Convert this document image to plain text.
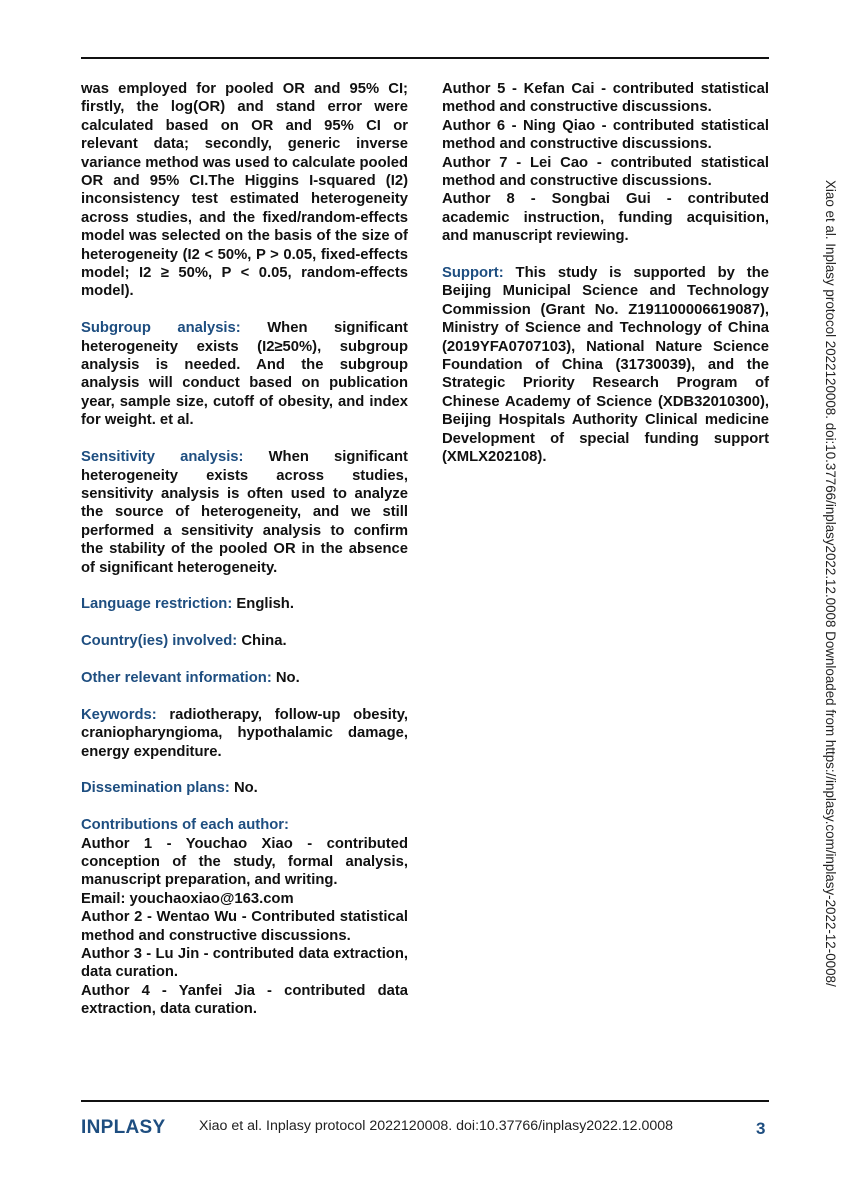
was employed for pooled OR and 95% CI; firstly, the log(OR) and stand error were calculated based on OR and 95% CI or relevant data; secondly, generic inverse variance method was used to calculate pooled OR and 95% CI.The Higgins I-squared (I2) inconsistency test estimated heterogeneity across studies, and the fixed/random-effects model was selected on the basis of the size of heterogeneity (I2 < 50%, P > 0.05, fixed-effects model; I2 ≥ 50%, P < 0.05, random-effects model).

Subgroup analysis: When significant heterogeneity exists (I2≥50%), subgroup analysis is needed. And the subgroup analysis will conduct based on publication year, sample size, cutoff of obesity, and index for weight. et al.

Sensitivity analysis: When significant heterogeneity exists across studies, sensitivity analysis is often used to analyze the source of heterogeneity, and we still performed a sensitivity analysis to confirm the stability of the pooled OR in the absence of significant heterogeneity.

Language restriction: English.

Country(ies) involved: China.

Other relevant information: No.

Keywords: radiotherapy, follow-up obesity, craniopharyngioma, hypothalamic damage, energy expenditure.

Dissemination plans: No.

Contributions of each author:
Author 1 - Youchao Xiao - contributed conception of the study, formal analysis, manuscript preparation, and writing.
Email: youchaoxiao@163.com
Author 2 - Wentao Wu - Contributed statistical method and constructive discussions.
Author 3 - Lu Jin - contributed data extraction, data curation.
Author 4 - Yanfei Jia - contributed data extraction, data curation.

Author 5 - Kefan Cai - contributed statistical method and constructive discussions.
Author 6 - Ning Qiao - contributed statistical method and constructive discussions.
Author 7 - Lei Cao - contributed statistical method and constructive discussions.
Author 8 - Songbai Gui - contributed academic instruction, funding acquisition, and manuscript reviewing.

Support: This study is supported by the Beijing Municipal Science and Technology Commission (Grant No. Z191100006619087), Ministry of Science and Technology of China (2019YFA0707103), National Nature Science Foundation of China (31730039), and the Strategic Priority Research Program of Chinese Academy of Science (XDB32010300), Beijing Hospitals Authority Clinical medicine Development of special funding support (XMLX202108).	Xiao et al. Inplasy protocol 2022120008. doi:10.37766/inplasy2022.12.0008 Downloaded from https://inplasy.com/inplasy-2022-12-0008/
INPLASY Xiao et al. Inplasy protocol 2022120008. doi:10.37766/inplasy2022.12.0008	3
